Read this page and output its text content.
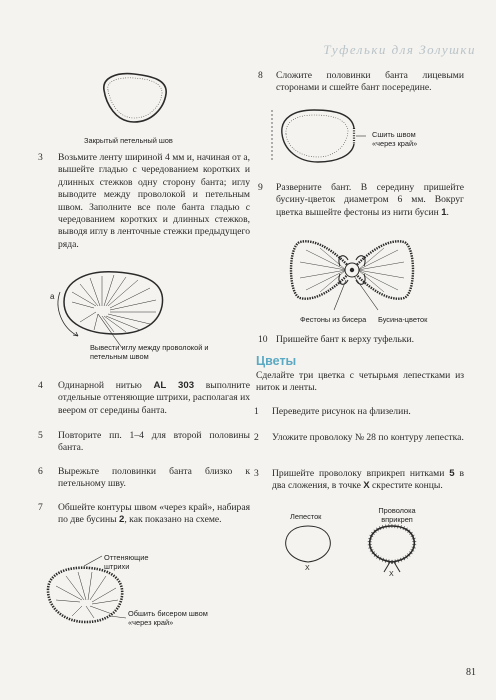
Туфельки для Золушки
Закрытый петельный шов
3	Возьмите ленту шириной 4 мм и, начиная от a, вышейте гладью с чередованием коротких и длинных стежков одну сторону банта; иглу выводите между проволокой и петельным швом. Заполните все поле банта гладью с чередованием коротких и длинных стежков, выводя иглу в ленточные стежки предыдущего ряда.
a
Вывести иглу между проволокой и петельным швом
4	Одинарной нитью AL 303 выполните отдельные оттеняющие штрихи, располагая их веером от середины банта.
5	Повторите пп. 1–4 для второй половины банта.
6	Вырежьте половинки банта близко к петельному шву.
7	Обшейте контуры швом «через край», набирая по две бусины 2, как показано на схеме.
Оттеняющие штрихи
Обшить бисером швом «через край»
8	Сложите половинки банта лицевыми сторонами и сшейте бант посередине.
Сшить швом «через край»
9	Разверните бант. В середину пришейте бусину-цветок диаметром 6 мм. Вокруг цветка вышейте фестоны из нити бусин 1.
Фестоны из бисера Бусина-цветок
10 Пришейте бант к верху туфельки.
Цветы
Сделайте три цветка с четырьмя лепестками из ниток и ленты.
1	Переведите рисунок на флизелин.
2	Уложите проволоку № 28 по контуру лепестка.
3	Пришейте проволоку вприкреп нитками 5 в два сложения, в точке X скрестите концы.
Лепесток
Проволока вприкреп
X
X
81
